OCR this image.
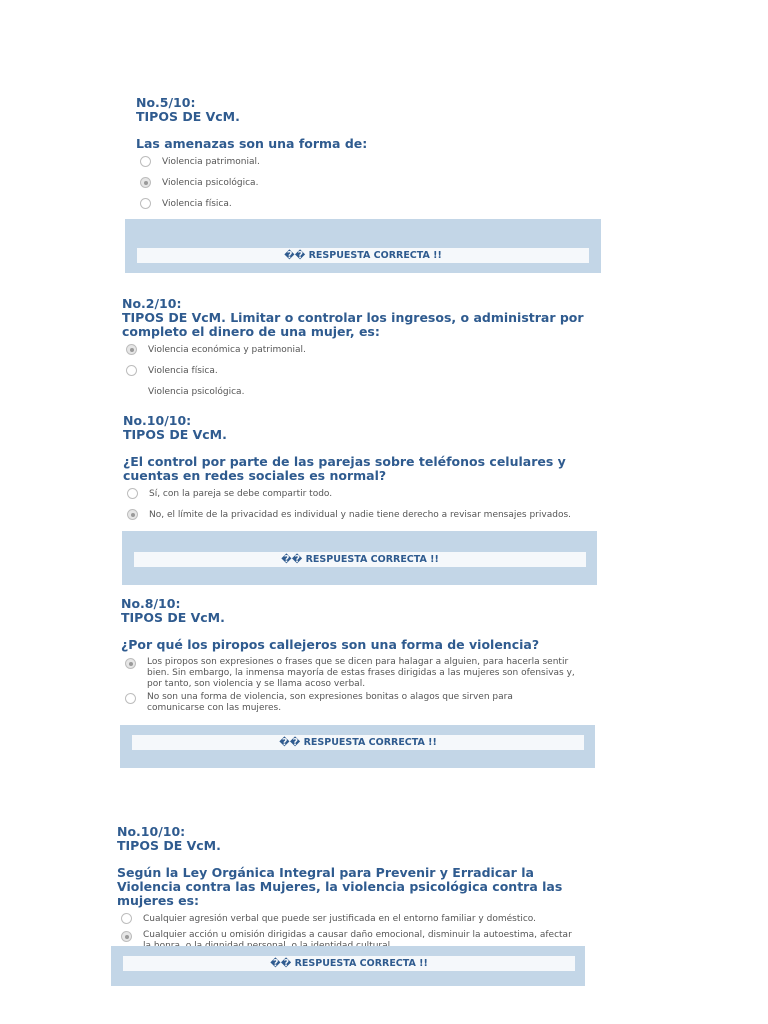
No.5/10:
TIPOS DE VcM.
Las amenazas son una forma de:
Violencia patrimonial.
Violencia psicológica.
Violencia física.
�� RESPUESTA CORRECTA !!
No.2/10:
TIPOS DE VcM. Limitar o controlar los ingresos, o administrar por completo el dinero de una mujer, es:
Violencia económica y patrimonial.
Violencia física.
Violencia psicológica.
No.10/10:
TIPOS DE VcM.
¿El control por parte de las parejas sobre teléfonos celulares y cuentas en redes sociales es normal?
Sí, con la pareja se debe compartir todo.
No, el límite de la privacidad es individual y nadie tiene derecho a revisar mensajes privados.
�� RESPUESTA CORRECTA !!
No.8/10:
TIPOS DE VcM.
¿Por qué los piropos callejeros son una forma de violencia?
Los piropos son expresiones o frases que se dicen para halagar a alguien, para hacerla sentir bien. Sin embargo, la inmensa mayoría de estas frases dirigidas a las mujeres son ofensivas y, por tanto, son violencia y se llama acoso verbal.
No son una forma de violencia, son expresiones bonitas o alagos que sirven para comunicarse con las mujeres.
�� RESPUESTA CORRECTA !!
No.10/10:
TIPOS DE VcM.
Según la Ley Orgánica Integral para Prevenir y Erradicar la Violencia contra las Mujeres, la violencia psicológica contra las mujeres es:
Cualquier agresión verbal que puede ser justificada en el entorno familiar y doméstico.
Cualquier acción u omisión dirigidas a causar daño emocional, disminuir la autoestima, afectar
�� RESPUESTA CORRECTA !!
